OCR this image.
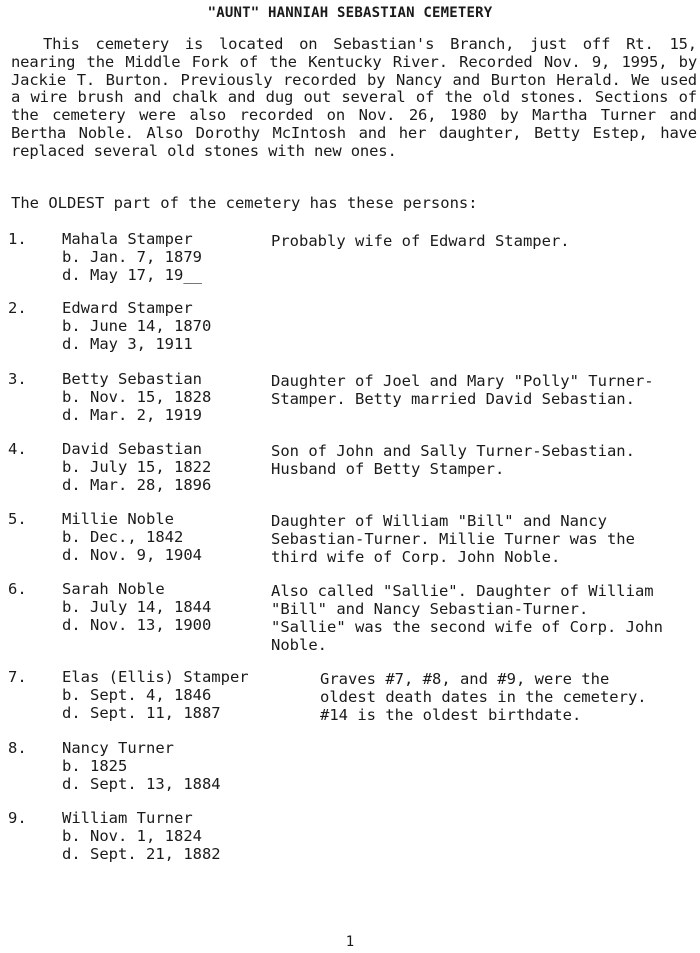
"AUNT" HANNIAH SEBASTIAN CEMETERY
This cemetery is located on Sebastian's Branch, just off Rt. 15, nearing the Middle Fork of the Kentucky River. Recorded Nov. 9, 1995, by Jackie T. Burton. Previously recorded by Nancy and Burton Herald. We used a wire brush and chalk and dug out several of the old stones. Sections of the cemetery were also recorded on Nov. 26, 1980 by Martha Turner and Bertha Noble. Also Dorothy McIntosh and her daughter, Betty Estep, have replaced several old stones with new ones.
The OLDEST part of the cemetery has these persons:
1. Mahala Stamper
b. Jan. 7, 1879
d. May 17, 19__
Probably wife of Edward Stamper.
2. Edward Stamper
b. June 14, 1870
d. May 3, 1911
3. Betty Sebastian
b. Nov. 15, 1828
d. Mar. 2, 1919
Daughter of Joel and Mary "Polly" Turner-
Stamper. Betty married David Sebastian.
4. David Sebastian
b. July 15, 1822
d. Mar. 28, 1896
Son of John and Sally Turner-Sebastian.
Husband of Betty Stamper.
5. Millie Noble
b. Dec., 1842
d. Nov. 9, 1904
Daughter of William "Bill" and Nancy
Sebastian-Turner. Millie Turner was the
third wife of Corp. John Noble.
6. Sarah Noble
b. July 14, 1844
d. Nov. 13, 1900
Also called "Sallie". Daughter of William
"Bill" and Nancy Sebastian-Turner.
"Sallie" was the second wife of Corp. John
Noble.
7. Elas (Ellis) Stamper
b. Sept. 4, 1846
d. Sept. 11, 1887
Graves #7, #8, and #9, were the
oldest death dates in the cemetery.
#14 is the oldest birthdate.
8. Nancy Turner
b. 1825
d. Sept. 13, 1884
9. William Turner
b. Nov. 1, 1824
d. Sept. 21, 1882
1
